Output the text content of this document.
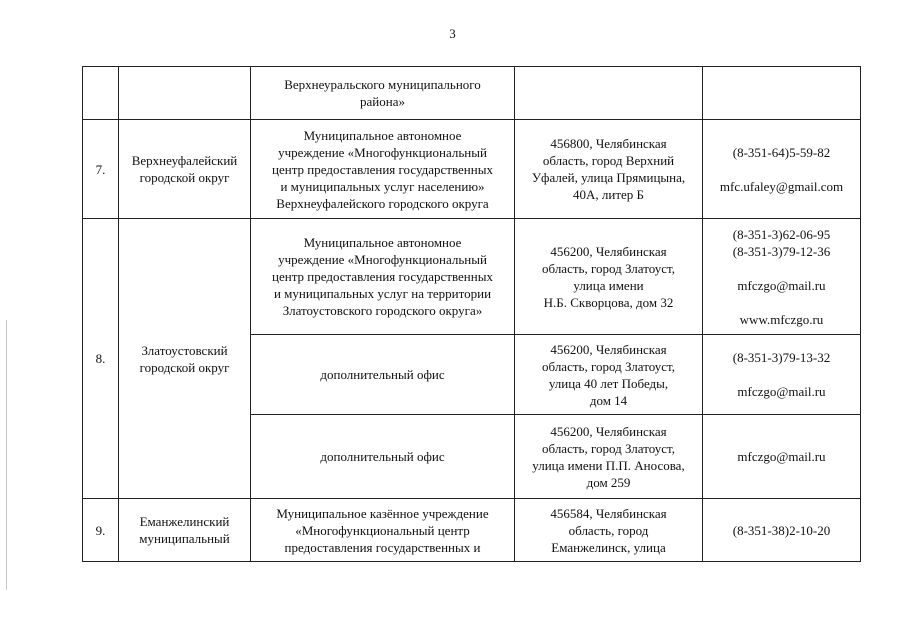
3

		Верхнеуральского муниципального
района»		

7.	Верхнеуфалейский
городской округ	Муниципальное автономное
учреждение «Многофункциональный
центр предоставления государственных
и муниципальных услуг населению»
Верхнеуфалейского городского округа	456800, Челябинская
область, город Верхний
Уфалей, улица Прямицына,
40А, литер Б	(8-351-64)5-59-82
mfc.ufaley@gmail.com

8.	Златоустовский
городской округ	Муниципальное автономное
учреждение «Многофункциональный
центр предоставления государственных
и муниципальных услуг на территории
Златоустовского городского округа»	456200, Челябинская
область, город Златоуст,
улица имени
Н.Б. Скворцова, дом 32	(8-351-3)62-06-95
(8-351-3)79-12-36
mfczgo@mail.ru
www.mfczgo.ru

		дополнительный офис	456200, Челябинская
область, город Златоуст,
улица 40 лет Победы,
дом 14	(8-351-3)79-13-32
mfczgo@mail.ru

		дополнительный офис	456200, Челябинская
область, город Златоуст,
улица имени П.П. Аносова,
дом 259	mfczgo@mail.ru
9.	Еманжелинский
муниципальный	Муниципальное казённое учреждение
«Многофункциональный центр
предоставления государственных и	456584, Челябинская
область, город
Еманжелинск, улица	(8-351-38)2-10-20
